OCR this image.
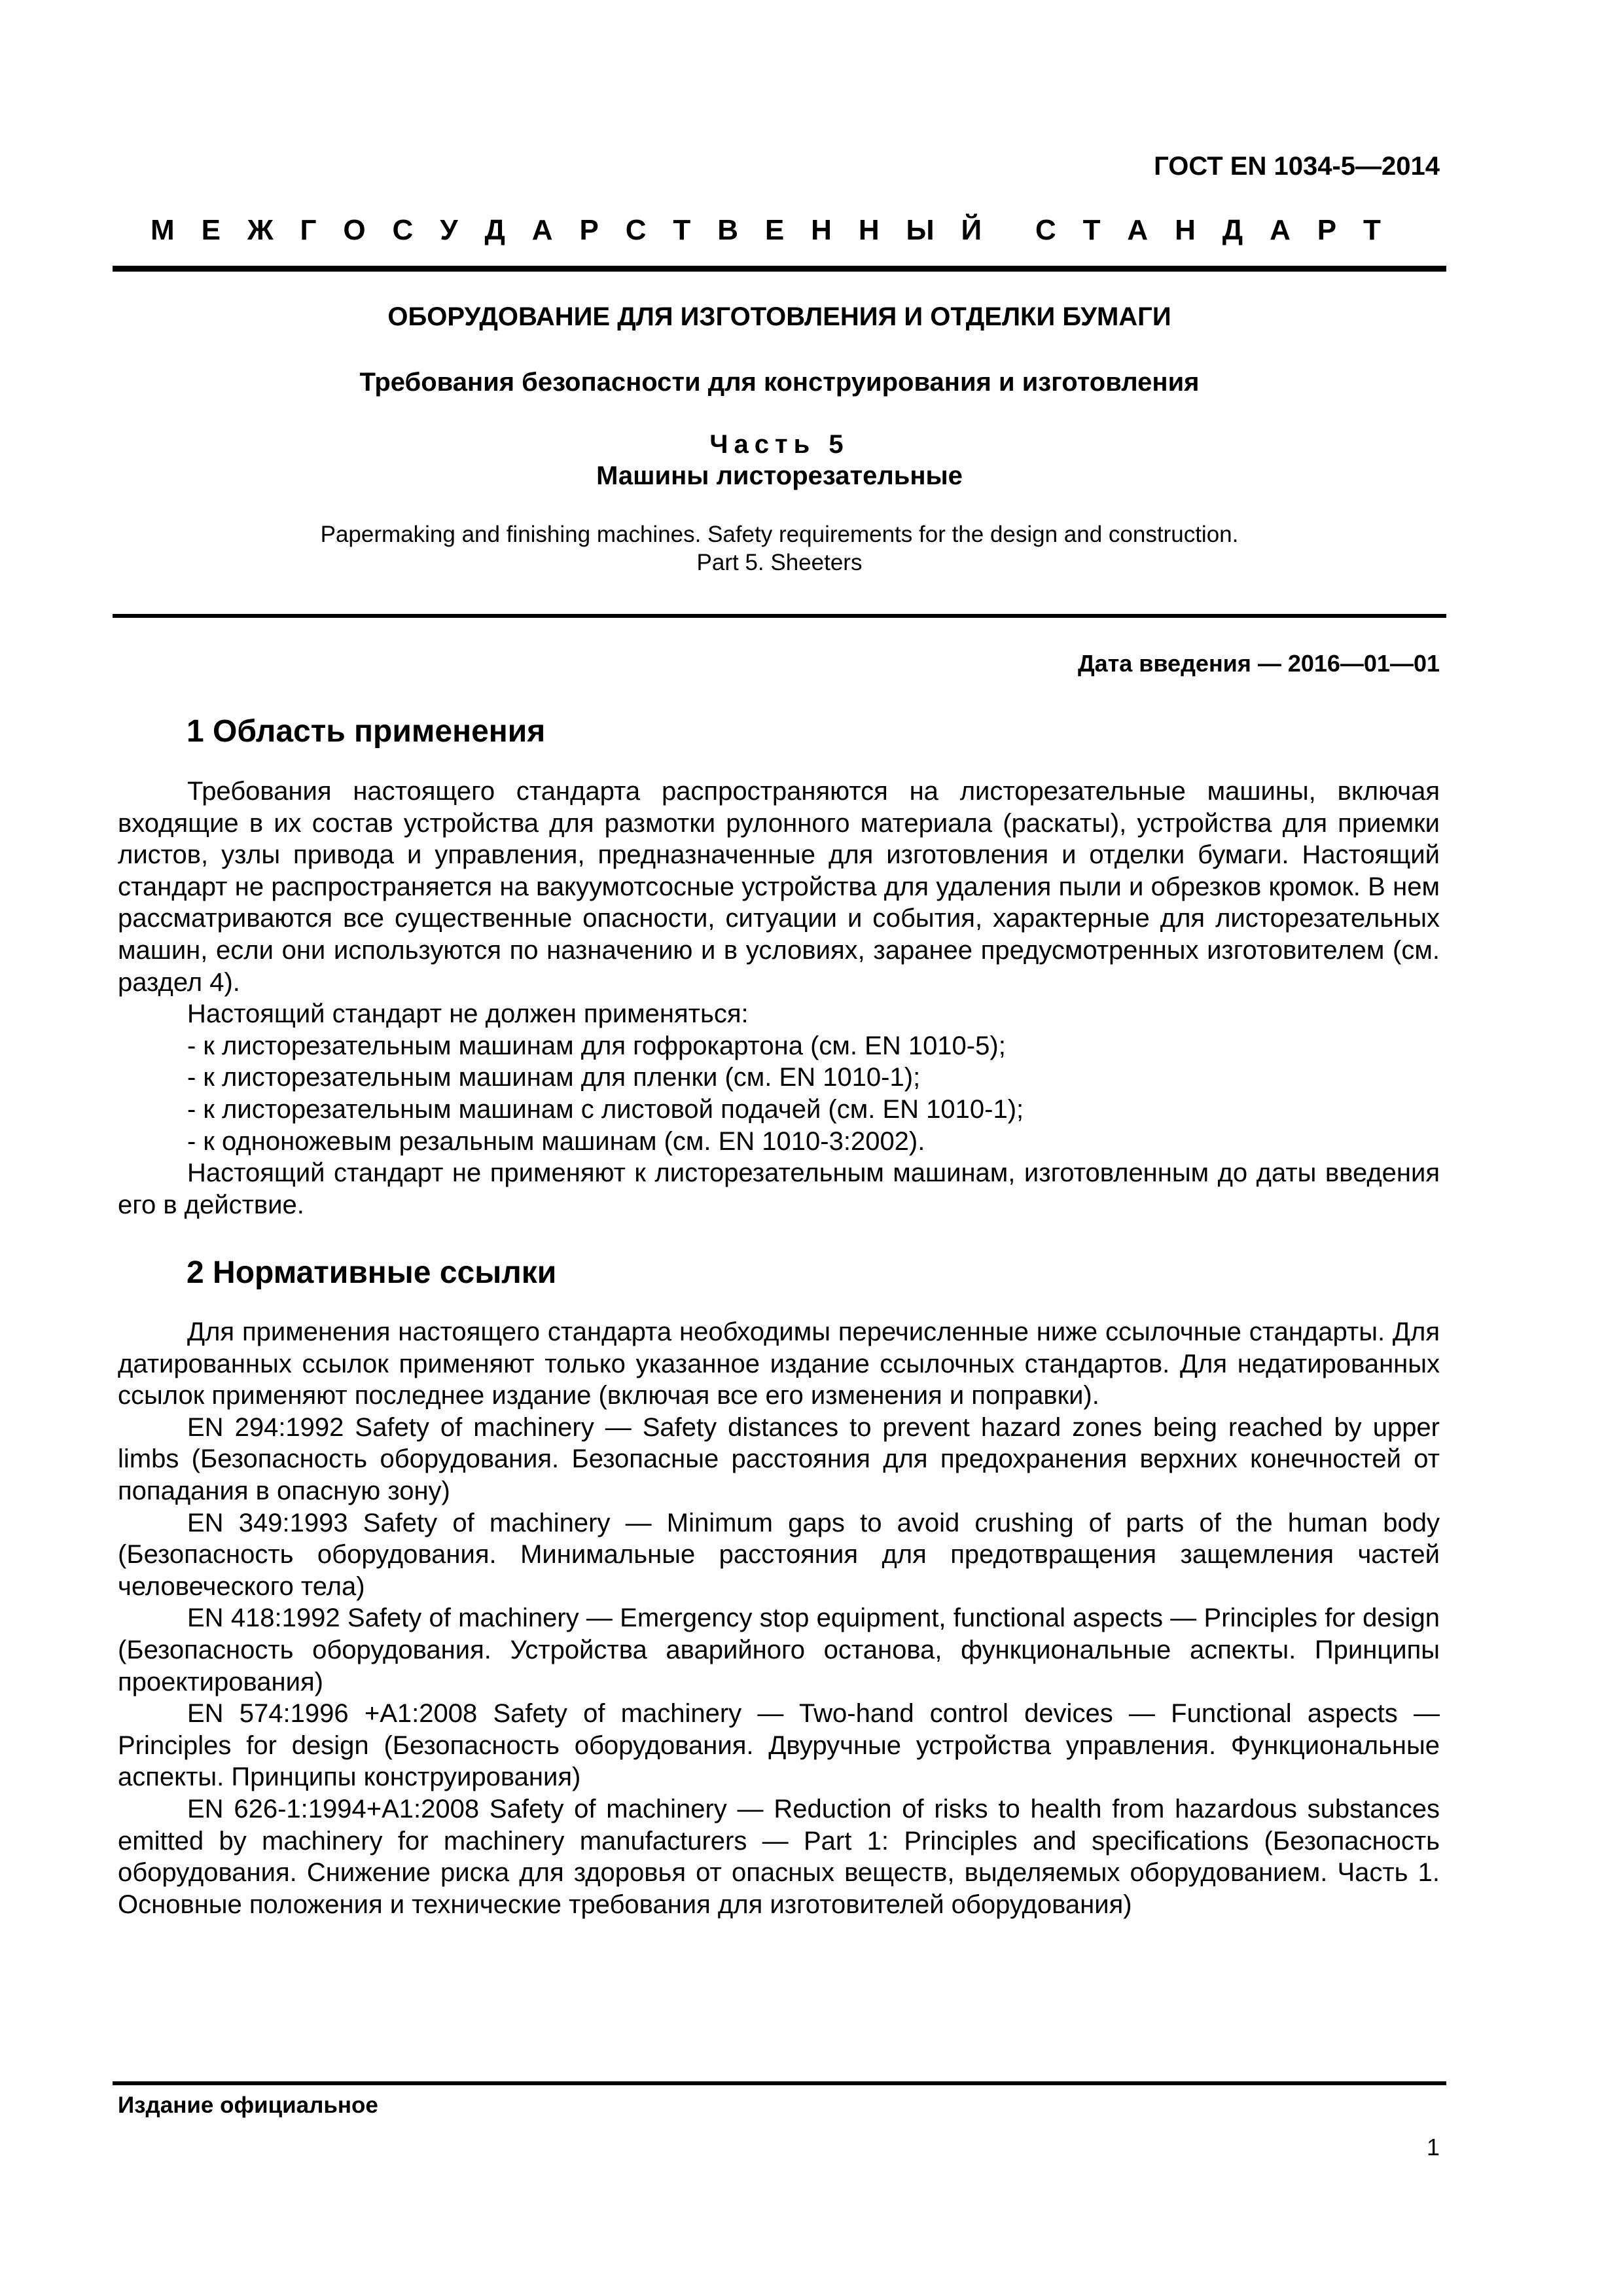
ГОСТ EN 1034-5—2014
М Е Ж Г О С У Д А Р С Т В Е Н Н Ы Й С Т А Н Д А Р Т
ОБОРУДОВАНИЕ ДЛЯ ИЗГОТОВЛЕНИЯ И ОТДЕЛКИ БУМАГИ
Требования безопасности для конструирования и изготовления
Часть 5
Машины листорезательные
Papermaking and finishing machines. Safety requirements for the design and construction.
Part 5. Sheeters
Дата введения — 2016—01—01
1 Область применения

Требования настоящего стандарта распространяются на листорезательные машины, включая входящие в их состав устройства для размотки рулонного материала (раскаты), устройства для приемки листов, узлы привода и управления, предназначенные для изготовления и отделки бумаги. Настоящий стандарт не распространяется на вакуумотсосные устройства для удаления пыли и обрезков кромок. В нем рассматриваются все существенные опасности, ситуации и события, характерные для листорезательных машин, если они используются по назначению и в условиях, заранее предусмотренных изготовителем (см. раздел 4).

Настоящий стандарт не должен применяться:

- к листорезательным машинам для гофрокартона (см. EN 1010-5);

- к листорезательным машинам для пленки (см. EN 1010-1);

- к листорезательным машинам с листовой подачей (см. EN 1010-1);

- к одноножевым резальным машинам (см. EN 1010-3:2002).

Настоящий стандарт не применяют к листорезательным машинам, изготовленным до даты введения его в действие.

2 Нормативные ссылки

Для применения настоящего стандарта необходимы перечисленные ниже ссылочные стандарты. Для датированных ссылок применяют только указанное издание ссылочных стандартов. Для недатированных ссылок применяют последнее издание (включая все его изменения и поправки).

EN 294:1992 Safety of machinery — Safety distances to prevent hazard zones being reached by upper limbs (Безопасность оборудования. Безопасные расстояния для предохранения верхних конечностей от попадания в опасную зону)

EN 349:1993 Safety of machinery — Minimum gaps to avoid crushing of parts of the human body (Безопасность оборудования. Минимальные расстояния для предотвращения защемления частей человеческого тела)

EN 418:1992 Safety of machinery — Emergency stop equipment, functional aspects — Principles for design (Безопасность оборудования. Устройства аварийного останова, функциональные аспекты. Принципы проектирования)

EN 574:1996 +A1:2008 Safety of machinery — Two-hand control devices — Functional aspects — Principles for design (Безопасность оборудования. Двуручные устройства управления. Функциональные аспекты. Принципы конструирования)

EN 626-1:1994+A1:2008 Safety of machinery — Reduction of risks to health from hazardous substances emitted by machinery for machinery manufacturers — Part 1: Principles and specifications (Безопасность оборудования. Снижение риска для здоровья от опасных веществ, выделяемых оборудованием. Часть 1. Основные положения и технические требования для изготовителей оборудования)

Издание официальное
1
